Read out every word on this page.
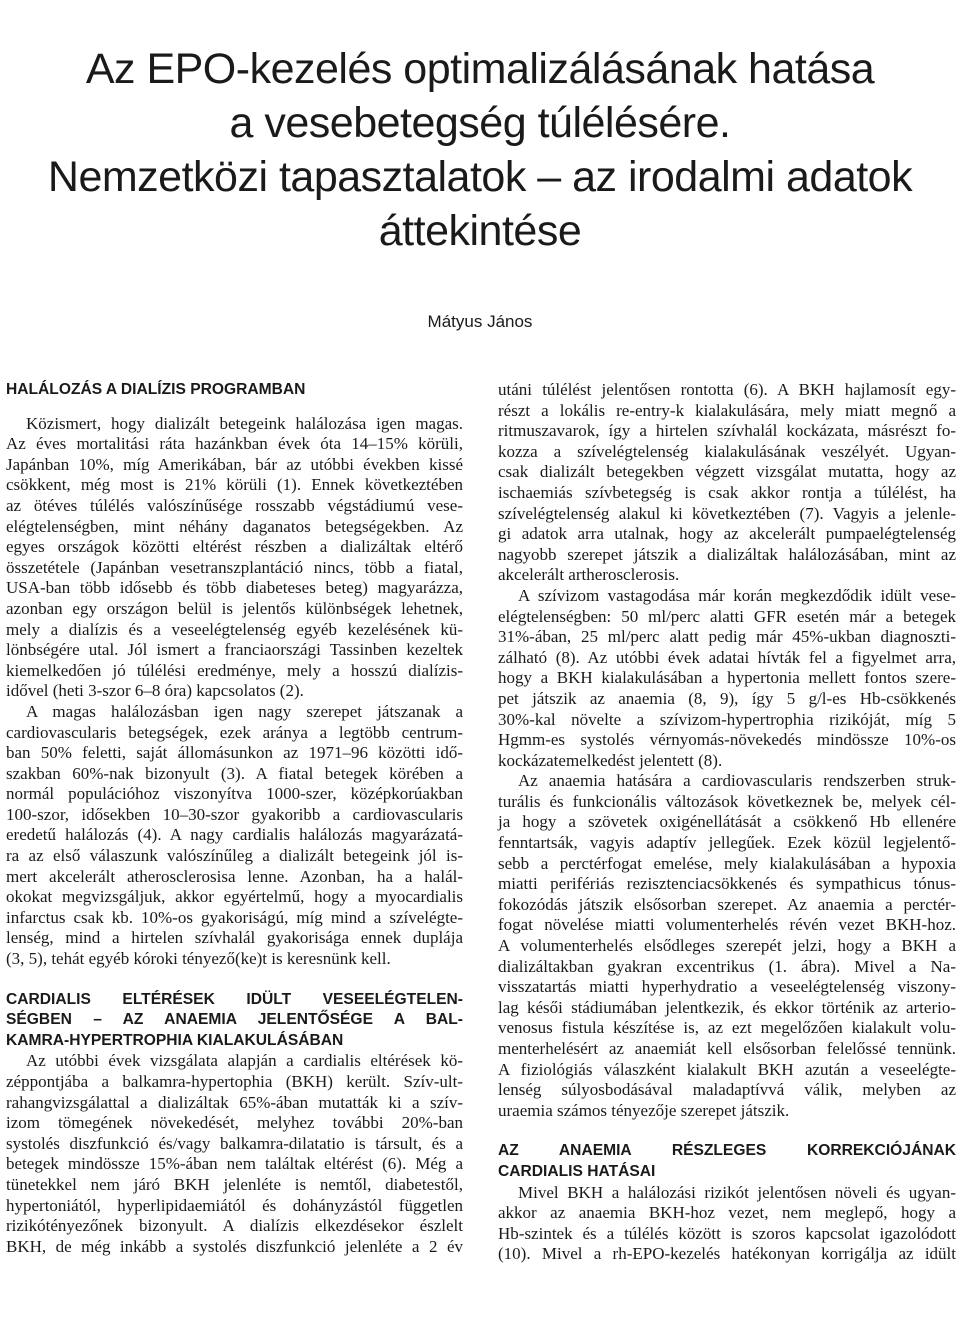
Az EPO-kezelés optimalizálásának hatása
a vesebetegség túlélésére.
Nemzetközi tapasztalatok – az irodalmi adatok
áttekintése
Mátyus János
HALÁLOZÁS A DIALÍZIS PROGRAMBAN
Közismert, hogy dializált betegeink halálozása igen magas.
Az éves mortalitási ráta hazánkban évek óta 14–15% körüli,
Japánban 10%, míg Amerikában, bár az utóbbi években kissé
csökkent, még most is 21% körüli (1). Ennek következtében
az ötéves túlélés valószínűsége rosszabb végstádiumú vese-
elégtelenségben, mint néhány daganatos betegségekben. Az
egyes országok közötti eltérést részben a dializáltak eltérő
összetétele (Japánban vesetranszplantáció nincs, több a fiatal,
USA-ban több idősebb és több diabeteses beteg) magyarázza,
azonban egy országon belül is jelentős különbségek lehetnek,
mely a dialízis és a veseelégtelenség egyéb kezelésének kü-
lönbségére utal. Jól ismert a franciaországi Tassinben kezeltek
kiemelkedően jó túlélési eredménye, mely a hosszú dialízis-
idővel (heti 3-szor 6–8 óra) kapcsolatos (2).
A magas halálozásban igen nagy szerepet játszanak a
cardiovascularis betegségek, ezek aránya a legtöbb centrum-
ban 50% feletti, saját állomásunkon az 1971–96 közötti idő-
szakban 60%-nak bizonyult (3). A fiatal betegek körében a
normál populációhoz viszonyítva 1000-szer, középkorúakban
100-szor, idősekben 10–30-szor gyakoribb a cardiovascularis
eredetű halálozás (4). A nagy cardialis halálozás magyarázatá-
ra az első válaszunk valószínűleg a dializált betegeink jól is-
mert akcelerált atherosclerosisa lenne. Azonban, ha a halál-
okokat megvizsgáljuk, akkor egyértelmű, hogy a myocardialis
infarctus csak kb. 10%-os gyakoriságú, míg mind a szívelégte-
lenség, mind a hirtelen szívhalál gyakorisága ennek duplája
(3, 5), tehát egyéb kóroki tényező(ke)t is keresnünk kell.
CARDIALIS ELTÉRÉSEK IDÜLT VESEELÉGTELEN-
SÉGBEN – AZ ANAEMIA JELENTŐSÉGE A BAL-
KAMRA-HYPERTROPHIA KIALAKULÁSÁBAN
Az utóbbi évek vizsgálata alapján a cardialis eltérések kö-
zéppontjába a balkamra-hypertophia (BKH) került. Szív-ult-
rahangvizsgálattal a dializáltak 65%-ában mutatták ki a szív-
izom tömegének növekedését, melyhez további 20%-ban
systolés diszfunkció és/vagy balkamra-dilatatio is társult, és a
betegek mindössze 15%-ában nem találtak eltérést (6). Még a
tünetekkel nem járó BKH jelenléte is nemtől, diabetestől,
hypertoniától, hyperlipidaemiától és dohányzástól független
rizikótényezőnek bizonyult. A dialízis elkezdésekor észlelt
BKH, de még inkább a systolés diszfunkció jelenléte a 2 év
utáni túlélést jelentősen rontotta (6). A BKH hajlamosít egy-
részt a lokális re-entry-k kialakulására, mely miatt megnő a
ritmuszavarok, így a hirtelen szívhalál kockázata, másrészt fo-
kozza a szívelégtelenség kialakulásának veszélyét. Ugyan-
csak dializált betegekben végzett vizsgálat mutatta, hogy az
ischaemiás szívbetegség is csak akkor rontja a túlélést, ha
szívelégtelenség alakul ki következtében (7). Vagyis a jelenle-
gi adatok arra utalnak, hogy az akcelerált pumpaelégtelenség
nagyobb szerepet játszik a dializáltak halálozásában, mint az
akcelerált artherosclerosis.
A szívizom vastagodása már korán megkezdődik idült vese-
elégtelenségben: 50 ml/perc alatti GFR esetén már a betegek
31%-ában, 25 ml/perc alatt pedig már 45%-ukban diagnoszti-
zálható (8). Az utóbbi évek adatai hívták fel a figyelmet arra,
hogy a BKH kialakulásában a hypertonia mellett fontos szere-
pet játszik az anaemia (8, 9), így 5 g/l-es Hb-csökkenés
30%-kal növelte a szívizom-hypertrophia rizikóját, míg 5
Hgmm-es systolés vérnyomás-növekedés mindössze 10%-os
kockázatemelkedést jelentett (8).
Az anaemia hatására a cardiovascularis rendszerben struk-
turális és funkcionális változások következnek be, melyek cél-
ja hogy a szövetek oxigénellátását a csökkenő Hb ellenére
fenntartsák, vagyis adaptív jellegűek. Ezek közül legjelentő-
sebb a perctérfogat emelése, mely kialakulásában a hypoxia
miatti perifériás rezisztenciacsökkenés és sympathicus tónus-
fokozódás játszik elsősorban szerepet. Az anaemia a perctér-
fogat növelése miatti volumenterhelés révén vezet BKH-hoz.
A volumenterhelés elsődleges szerepét jelzi, hogy a BKH a
dializáltakban gyakran excentrikus (1. ábra). Mivel a Na-
visszatartás miatti hyperhydratio a veseelégtelenség viszony-
lag késői stádiumában jelentkezik, és ekkor történik az arterio-
venosus fistula készítése is, az ezt megelőzően kialakult volu-
menterhelésért az anaemiát kell elsősorban felelőssé tennünk.
A fiziológiás válaszként kialakult BKH azután a veseelégte-
lenség súlyosbodásával maladaptívvá válik, melyben az
uraemia számos tényezője szerepet játszik.
AZ ANAEMIA RÉSZLEGES KORREKCIÓJÁNAK
CARDIALIS HATÁSAI
Mivel BKH a halálozási rizikót jelentősen növeli és ugyan-
akkor az anaemia BKH-hoz vezet, nem meglepő, hogy a
Hb-szintek és a túlélés között is szoros kapcsolat igazolódott
(10). Mivel a rh-EPO-kezelés hatékonyan korrigálja az idült
